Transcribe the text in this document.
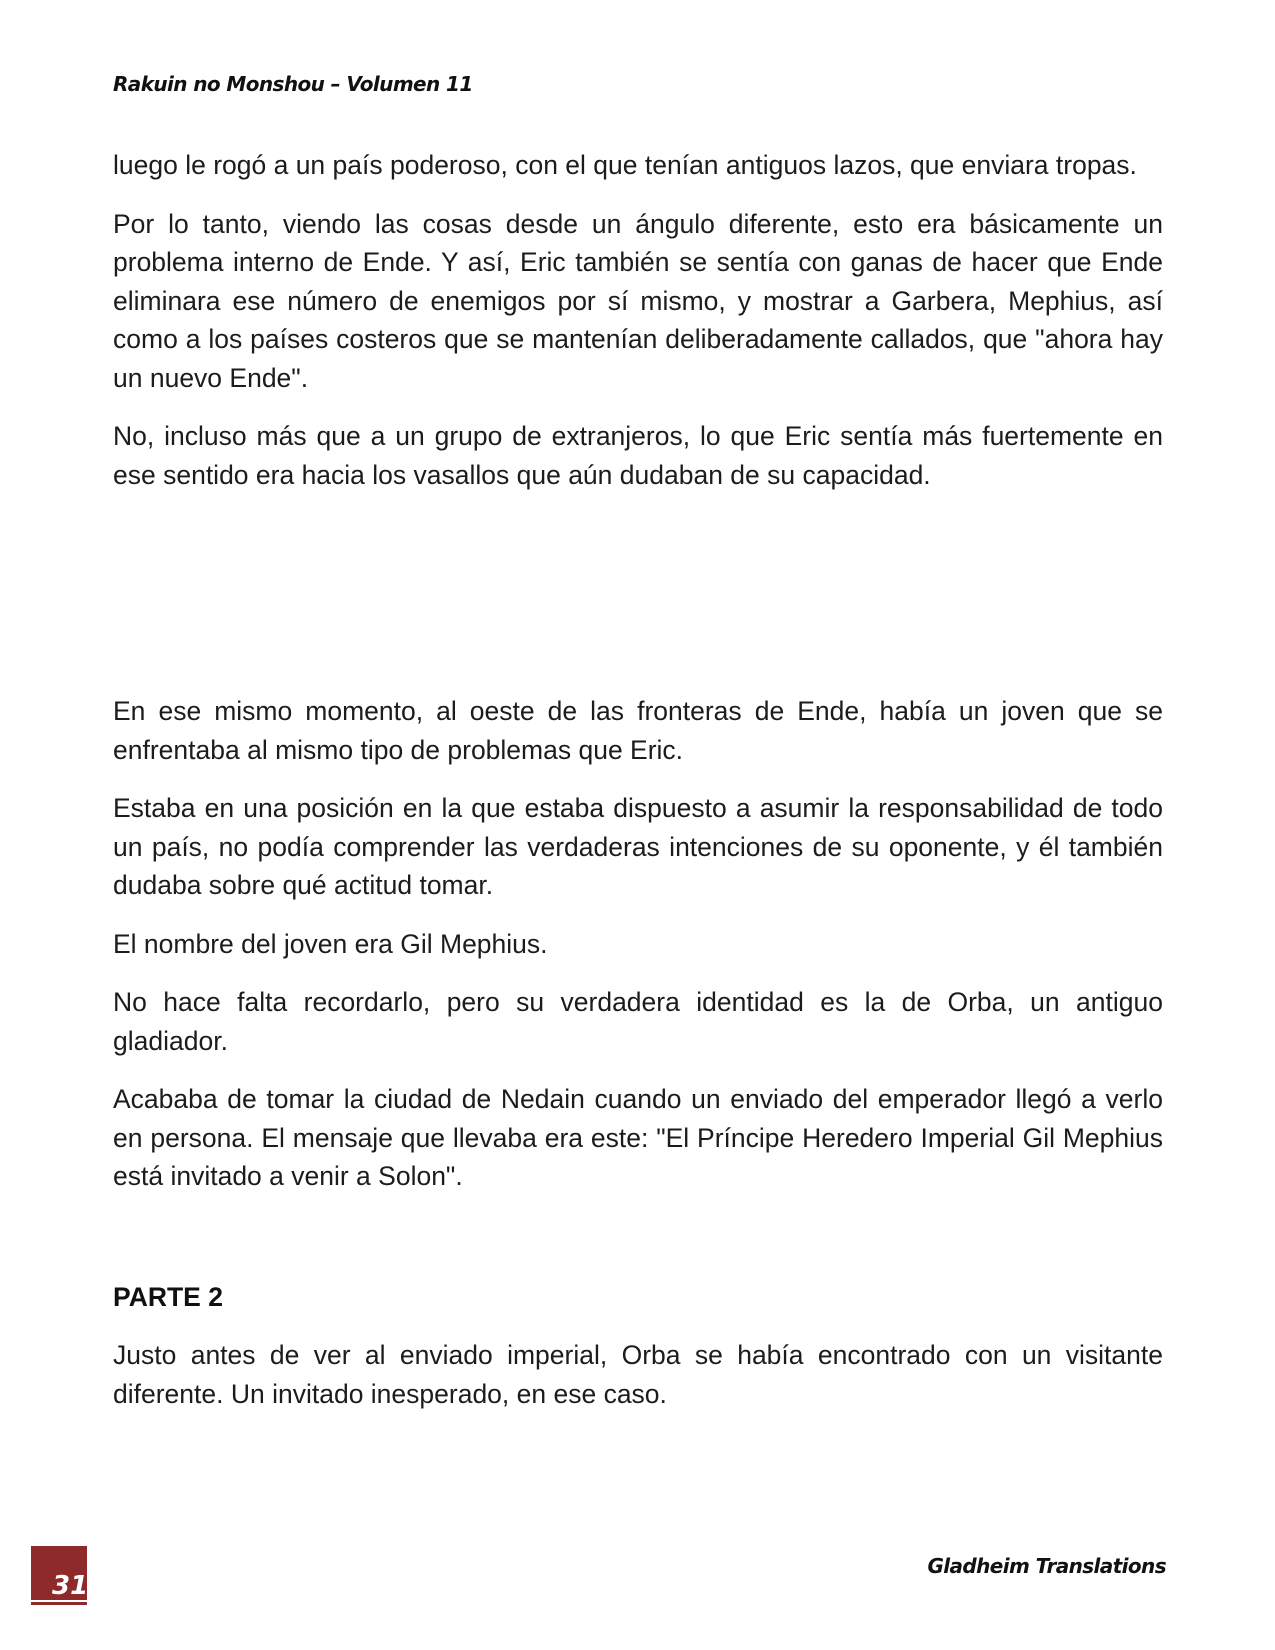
Rakuin no Monshou – Volumen 11

luego le rogó a un país poderoso, con el que tenían antiguos lazos, que enviara tropas.

Por lo tanto, viendo las cosas desde un ángulo diferente, esto era básicamente un problema interno de Ende. Y así, Eric también se sentía con ganas de hacer que Ende eliminara ese número de enemigos por sí mismo, y mostrar a Garbera, Mephius, así como a los países costeros que se mantenían deliberadamente callados, que "ahora hay un nuevo Ende".

No, incluso más que a un grupo de extranjeros, lo que Eric sentía más fuertemente en ese sentido era hacia los vasallos que aún dudaban de su capacidad.

En ese mismo momento, al oeste de las fronteras de Ende, había un joven que se enfrentaba al mismo tipo de problemas que Eric.

Estaba en una posición en la que estaba dispuesto a asumir la responsabilidad de todo un país, no podía comprender las verdaderas intenciones de su oponente, y él también dudaba sobre qué actitud tomar.

El nombre del joven era Gil Mephius.

No hace falta recordarlo, pero su verdadera identidad es la de Orba, un antiguo gladiador.

Acababa de tomar la ciudad de Nedain cuando un enviado del emperador llegó a verlo en persona. El mensaje que llevaba era este: "El Príncipe Heredero Imperial Gil Mephius está invitado a venir a Solon".

PARTE 2

Justo antes de ver al enviado imperial, Orba se había encontrado con un visitante diferente. Un invitado inesperado, en ese caso.

31
Gladheim Translations
